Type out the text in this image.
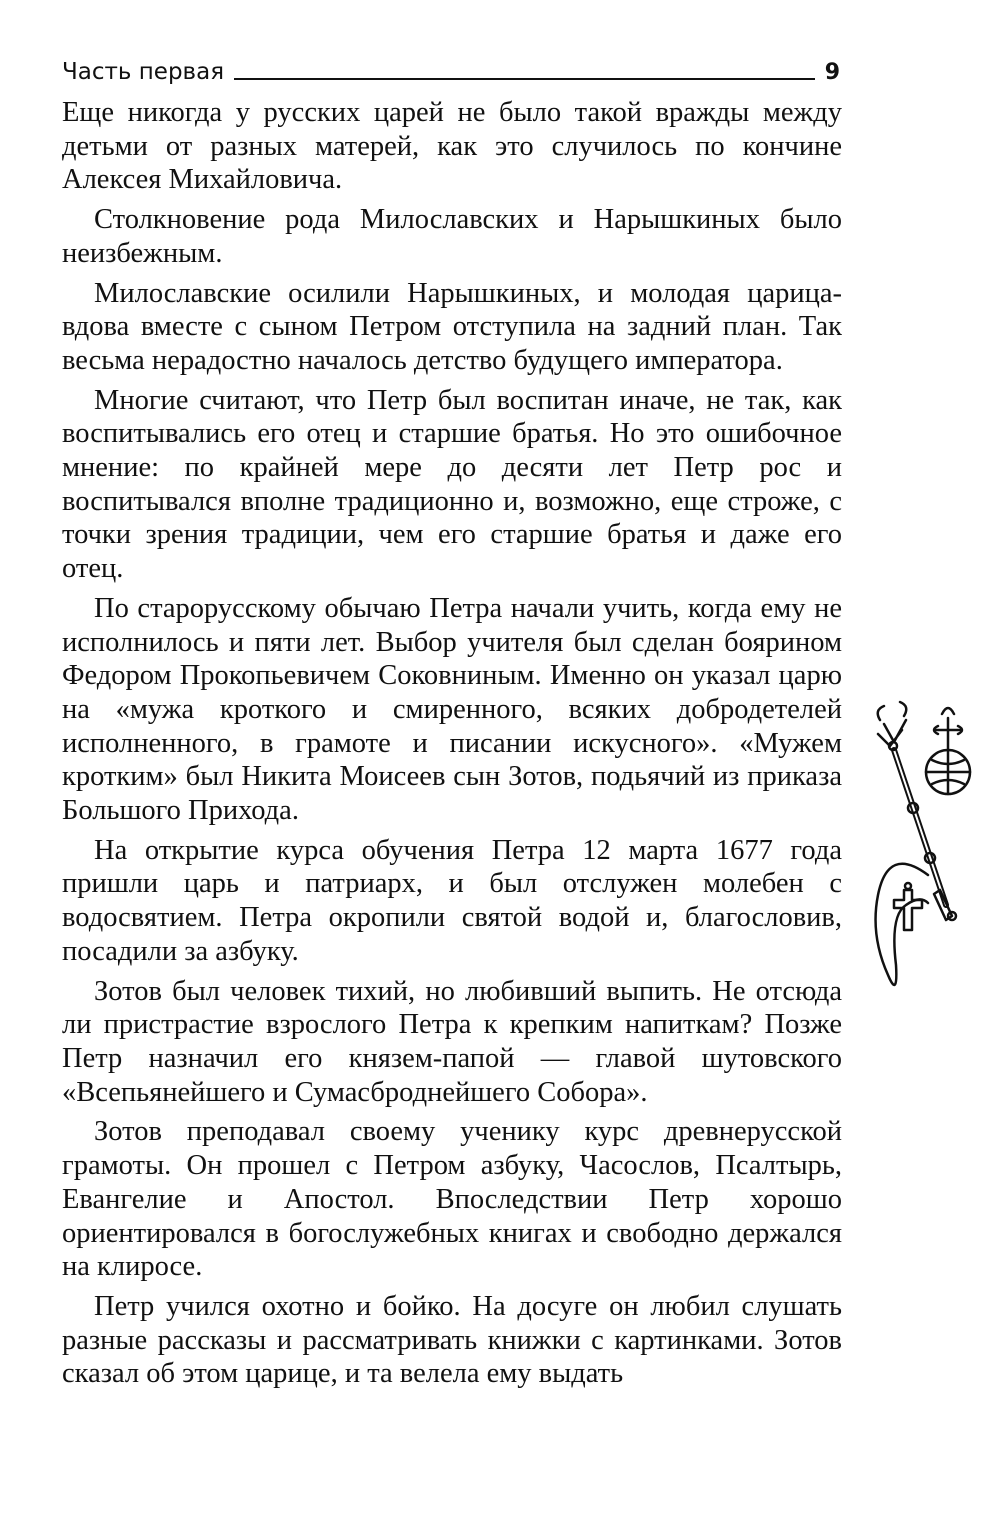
Часть первая	9

Еще никогда у русских царей не было такой вражды между детьми от разных матерей, как это случилось по кончине Алексея Михайловича.

Столкновение рода Милославских и Нарышкиных было неизбежным.

Милославские осилили Нарышкиных, и молодая царица-вдова вместе с сыном Петром отступила на задний план. Так весьма нерадостно началось детство будущего императора.

Многие считают, что Петр был воспитан иначе, не так, как воспитывались его отец и старшие братья. Но это ошибочное мнение: по крайней мере до десяти лет Петр рос и воспитывался вполне традиционно и, возможно, еще строже, с точки зрения традиции, чем его старшие братья и даже его отец.

По старорусскому обычаю Петра начали учить, когда ему не исполнилось и пяти лет. Выбор учителя был сделан боярином Федором Прокопьевичем Соковниным. Именно он указал царю на «мужа кроткого и смиренного, всяких добродетелей исполненного, в грамоте и писании искусного». «Мужем кротким» был Никита Моисеев сын Зотов, подьячий из приказа Большого Прихода.

На открытие курса обучения Петра 12 марта 1677 года пришли царь и патриарх, и был отслужен молебен с водосвятием. Петра окропили святой водой и, благословив, посадили за азбуку.

Зотов был человек тихий, но любивший выпить. Не отсюда ли пристрастие взрослого Петра к крепким напиткам? Позже Петр назначил его князем-папой — главой шутовского «Всепьянейшего и Сумасброднейшего Собора».

Зотов преподавал своему ученику курс древнерусской грамоты. Он прошел с Петром азбуку, Часослов, Псалтырь, Евангелие и Апостол. Впоследствии Петр хорошо ориентировался в богослужебных книгах и свободно держался на клиросе.

Петр учился охотно и бойко. На досуге он любил слушать разные рассказы и рассматривать книжки с картинками. Зотов сказал об этом царице, и та велела ему выдать
